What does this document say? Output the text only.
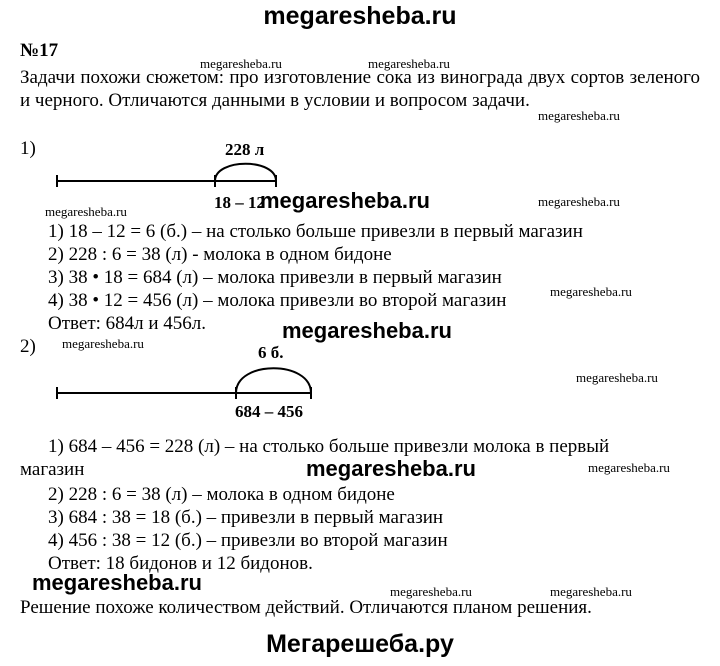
megaresheba.ru
№17
Задачи похожи сюжетом: про изготовление сока из винограда двух сортов зеленого и черного. Отличаются данными в условии и вопросом задачи.
1)	228 л
18 – 12
1) 18 – 12 = 6 (б.) – на столько больше привезли в первый магазин
2) 228 : 6 = 38 (л) - молока в одном бидоне
3) 38 • 18 = 684 (л) – молока привезли в первый магазин
4) 38 • 12 = 456 (л) – молока привезли во второй магазин
Ответ: 684л и 456л.
2)	6 б.
684 – 456
1) 684 – 456 = 228 (л) – на столько больше привезли молока в первый
магазин
2) 228 : 6 = 38 (л) – молока в одном бидоне
3) 684 : 38 = 18 (б.) – привезли в первый магазин
4) 456 : 38 = 12 (б.) – привезли во второй магазин
Ответ: 18 бидонов и 12 бидонов.
Решение похоже количеством действий. Отличаются планом решения.
megaresheba.ru	megaresheba.ru
megaresheba.ru
megaresheba.ru	megaresheba.ru	megaresheba.ru
megaresheba.ru
megaresheba.ru
megaresheba.ru
megaresheba.ru
megaresheba.ru	megaresheba.ru
megaresheba.ru	megaresheba.ru	megaresheba.ru
Мегарешеба.ру
